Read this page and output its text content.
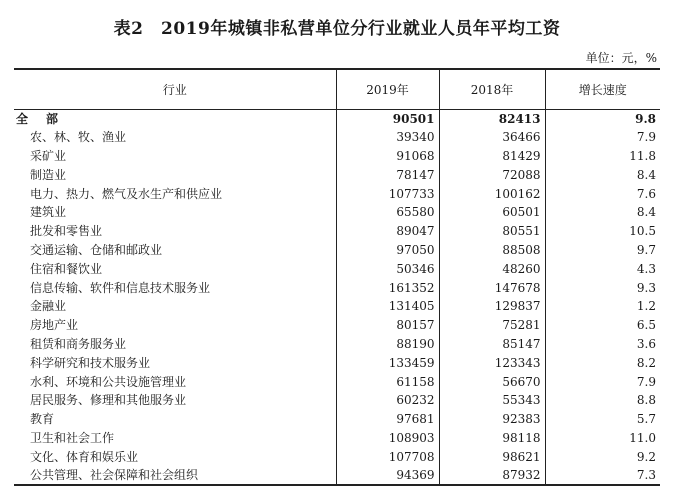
表2　2019年城镇非私营单位分行业就业人员年平均工资
单位：元，%
行业	2019年	2018年	增长速度
全　部	90501	82413	9.8
农、林、牧、渔业	39340	36466	7.9
采矿业	91068	81429	11.8
制造业	78147	72088	8.4
电力、热力、燃气及水生产和供应业	107733	100162	7.6
建筑业	65580	60501	8.4
批发和零售业	89047	80551	10.5
交通运输、仓储和邮政业	97050	88508	9.7
住宿和餐饮业	50346	48260	4.3
信息传输、软件和信息技术服务业	161352	147678	9.3
金融业	131405	129837	1.2
房地产业	80157	75281	6.5
租赁和商务服务业	88190	85147	3.6
科学研究和技术服务业	133459	123343	8.2
水利、环境和公共设施管理业	61158	56670	7.9
居民服务、修理和其他服务业	60232	55343	8.8
教育	97681	92383	5.7
卫生和社会工作	108903	98118	11.0
文化、体育和娱乐业	107708	98621	9.2
公共管理、社会保障和社会组织	94369	87932	7.3
